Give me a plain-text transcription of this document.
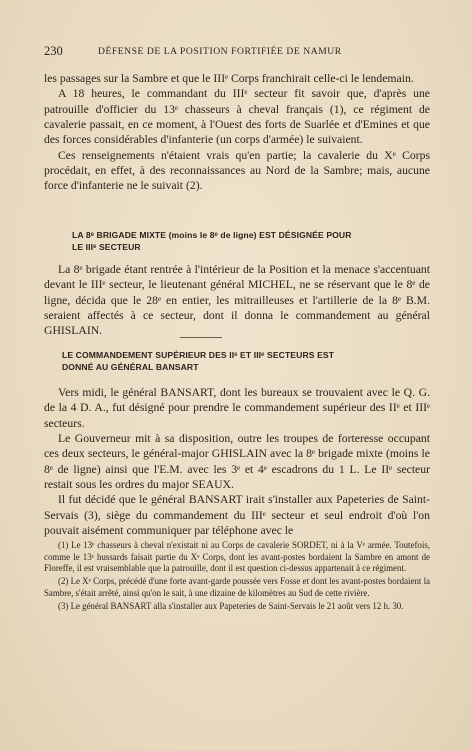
230	DÉFENSE DE LA POSITION FORTIFIÉE DE NAMUR

les passages sur la Sambre et que le IIIᵉ Corps franchirait celle-ci le lendemain.

A 18 heures, le commandant du IIIᵉ secteur fit savoir que, d'après une patrouille d'officier du 13ᵉ chasseurs à cheval français (1), ce régiment de cavalerie passait, en ce moment, à l'Ouest des forts de Suarlée et d'Emines et que des forces considérables d'infanterie (un corps d'armée) le suivaient.

Ces renseignements n'étaient vrais qu'en partie; la cavalerie du Xᵉ Corps procédait, en effet, à des reconnaissances au Nord de la Sambre; mais, aucune force d'infanterie ne le suivait (2).

LA 8ᵉ BRIGADE MIXTE (moins le 8ᵉ de ligne) EST DÉSIGNÉE POUR
LE IIIᵉ SECTEUR

La 8ᵉ brigade étant rentrée à l'intérieur de la Position et la menace s'accentuant devant le IIIᵉ secteur, le lieutenant général MICHEL, ne se réservant que le 8ᵉ de ligne, décida que le 28ᵉ en entier, les mitrailleuses et l'artillerie de la 8ᵉ B.M. seraient affectés à ce secteur, dont il donna le commandement au général GHISLAIN.

LE COMMANDEMENT SUPÉRIEUR DES IIᵉ ET IIIᵉ SECTEURS EST
DONNÉ AU GÉNÉRAL BANSART

Vers midi, le général BANSART, dont les bureaux se trouvaient avec le Q. G. de la 4 D. A., fut désigné pour prendre le commandement supérieur des IIᵉ et IIIᵉ secteurs.

Le Gouverneur mit à sa disposition, outre les troupes de forteresse occupant ces deux secteurs, le général-major GHISLAIN avec la 8ᵉ brigade mixte (moins le 8ᵉ de ligne) ainsi que l'E.M. avec les 3ᵉ et 4ᵉ escadrons du 1 L. Le IIᵉ secteur restait sous les ordres du major SEAUX.

Il fut décidé que le général BANSART irait s'installer aux Papeteries de Saint-Servais (3), siège du commandement du IIIᵉ secteur et seul endroit d'où l'on pouvait aisément communiquer par téléphone avec le

(1) Le 13ᵉ chasseurs à cheval n'existait ni au Corps de cavalerie SORDET, ni à la Vᵉ armée. Toutefois, comme le 13ᵉ hussards faisait partie du Xᵉ Corps, dont les avant-postes bordaient la Sambre en amont de Floreffe, il est vraisemblable que la patrouille, dont il est question ci-dessus appartenait à ce régiment.

(2) Le Xᵉ Corps, précédé d'une forte avant-garde poussée vers Fosse et dont les avant-postes bordaient la Sambre, s'était arrêté, ainsi qu'on le sait, à une dizaine de kilomètres au Sud de cette rivière.

(3) Le général BANSART alla s'installer aux Papeteries de Saint-Servais le 21 août vers 12 h. 30.
